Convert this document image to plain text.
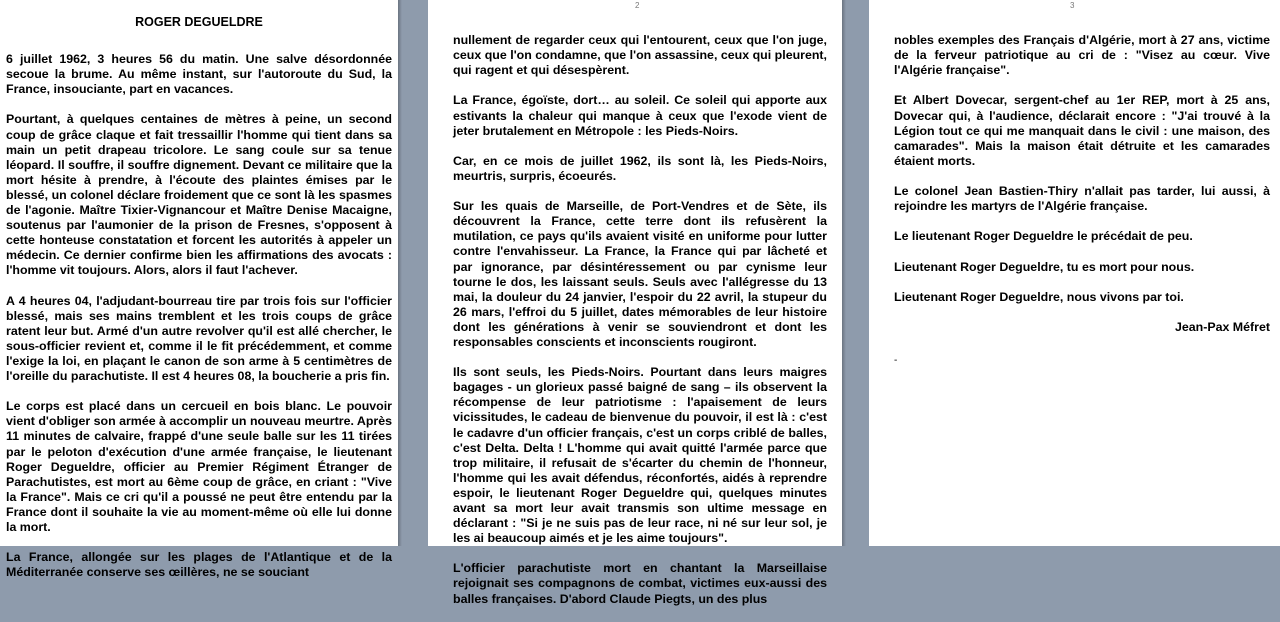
ROGER DEGUELDRE

6 juillet 1962, 3 heures 56 du matin. Une salve désordonnée secoue la brume. Au même instant, sur l'autoroute du Sud, la France, insouciante, part en vacances.

Pourtant, à quelques centaines de mètres à peine, un second coup de grâce claque et fait tressaillir l'homme qui tient dans sa main un petit drapeau tricolore. Le sang coule sur sa tenue léopard. Il souffre, il souffre dignement. Devant ce militaire que la mort hésite à prendre, à l'écoute des plaintes émises par le blessé, un colonel déclare froidement que ce sont là les spasmes de l'agonie. Maître Tixier-Vignancour et Maître Denise Macaigne, soutenus par l'aumonier de la prison de Fresnes, s'opposent à cette honteuse constatation et forcent les autorités à appeler un médecin. Ce dernier confirme bien les affirmations des avocats : l'homme vit toujours. Alors, alors il faut l'achever.

A 4 heures 04, l'adjudant-bourreau tire par trois fois sur l'officier blessé, mais ses mains tremblent et les trois coups de grâce ratent leur but. Armé d'un autre revolver qu'il est allé chercher, le sous-officier revient et, comme il le fit précédemment, et comme l'exige la loi, en plaçant le canon de son arme à 5 centimètres de l'oreille du parachutiste. Il est 4 heures 08, la boucherie a pris fin.

Le corps est placé dans un cercueil en bois blanc. Le pouvoir vient d'obliger son armée à accomplir un nouveau meurtre. Après 11 minutes de calvaire, frappé d'une seule balle sur les 11 tirées par le peloton d'exécution d'une armée française, le lieutenant Roger Degueldre, officier au Premier Régiment Étranger de Parachutistes, est mort au 6ème coup de grâce, en criant : "Vive la France". Mais ce cri qu'il a poussé ne peut être entendu par la France dont il souhaite la vie au moment-même où elle lui donne la mort.

La France, allongée sur les plages de l'Atlantique et de la Méditerranée conserve ses œillères, ne se souciant

2

nullement de regarder ceux qui l'entourent, ceux que l'on juge, ceux que l'on condamne, que l'on assassine, ceux qui pleurent, qui ragent et qui désespèrent.

La France, égoïste, dort… au soleil. Ce soleil qui apporte aux estivants la chaleur qui manque à ceux que l'exode vient de jeter brutalement en Métropole : les Pieds-Noirs.

Car, en ce mois de juillet 1962, ils sont là, les Pieds-Noirs, meurtris, surpris, écoeurés.

Sur les quais de Marseille, de Port-Vendres et de Sète, ils découvrent la France, cette terre dont ils refusèrent la mutilation, ce pays qu'ils avaient visité en uniforme pour lutter contre l'envahisseur. La France, la France qui par lâcheté et par ignorance, par désintéressement ou par cynisme leur tourne le dos, les laissant seuls. Seuls avec l'allégresse du 13 mai, la douleur du 24 janvier, l'espoir du 22 avril, la stupeur du 26 mars, l'effroi du 5 juillet, dates mémorables de leur histoire dont les générations à venir se souviendront et dont les responsables conscients et inconscients rougiront.

Ils sont seuls, les Pieds-Noirs. Pourtant dans leurs maigres bagages - un glorieux passé baigné de sang – ils observent la récompense de leur patriotisme : l'apaisement de leurs vicissitudes, le cadeau de bienvenue du pouvoir, il est là : c'est le cadavre d'un officier français, c'est un corps criblé de balles, c'est Delta. Delta ! L'homme qui avait quitté l'armée parce que trop militaire, il refusait de s'écarter du chemin de l'honneur, l'homme qui les avait défendus, réconfortés, aidés à reprendre espoir, le lieutenant Roger Degueldre qui, quelques minutes avant sa mort leur avait transmis son ultime message en déclarant : "Si je ne suis pas de leur race, ni né sur leur sol, je les ai beaucoup aimés et je les aime toujours".

L'officier parachutiste mort en chantant la Marseillaise rejoignait ses compagnons de combat, victimes eux-aussi des balles françaises. D'abord Claude Piegts, un des plus

3

nobles exemples des Français d'Algérie, mort à 27 ans, victime de la ferveur patriotique au cri de : "Visez au cœur. Vive l'Algérie française".

Et Albert Dovecar, sergent-chef au 1er REP, mort à 25 ans, Dovecar qui, à l'audience, déclarait encore : "J'ai trouvé à la Légion tout ce qui me manquait dans le civil : une maison, des camarades". Mais la maison était détruite et les camarades étaient morts.

Le colonel Jean Bastien-Thiry n'allait pas tarder, lui aussi, à rejoindre les martyrs de l'Algérie française.

Le lieutenant Roger Degueldre le précédait de peu.

Lieutenant Roger Degueldre, tu es mort pour nous.

Lieutenant Roger Degueldre, nous vivons par toi.

Jean-Pax Méfret

-
